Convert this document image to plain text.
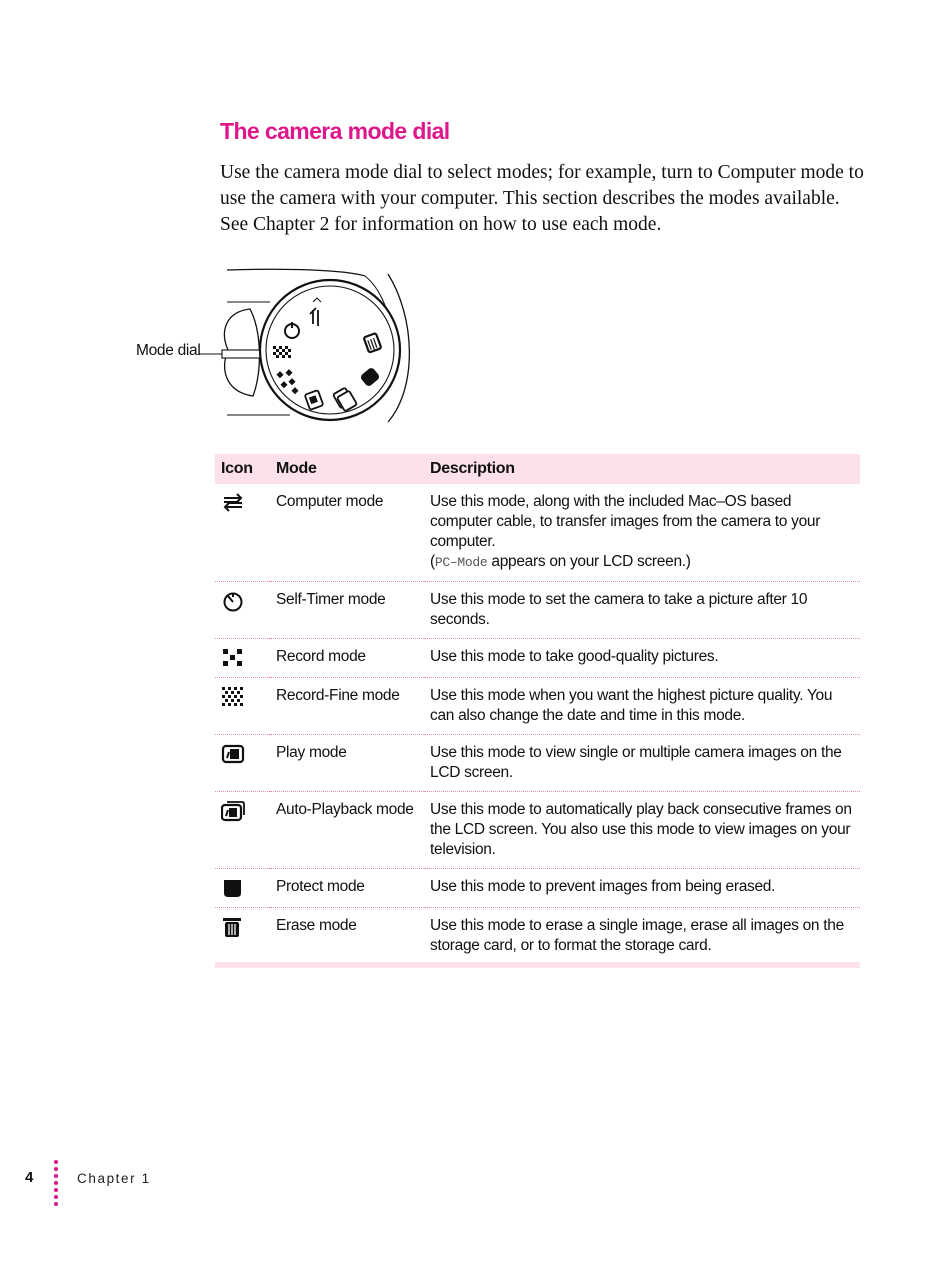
The camera mode dial

Use the camera mode dial to select modes; for example, turn to Computer mode to use the camera with your computer. This section describes the modes available. See Chapter 2 for information on how to use each mode.

Mode dial
Icon	Mode	Description

	Computer mode	Use this mode, along with the included Mac–OS based computer cable, to transfer images from the camera to your computer.
(PC–Mode appears on your LCD screen.)

	Self-Timer mode	Use this mode to set the camera to take a picture after 10 seconds.

	Record mode	Use this mode to take good-quality pictures.

	Record-Fine mode	Use this mode when you want the highest picture quality. You can also change the date and time in this mode.

	Play mode	Use this mode to view single or multiple camera images on the LCD screen.

	Auto-Playback mode	Use this mode to automatically play back consecutive frames on the LCD screen. You also use this mode to view images on your television.

	Protect mode	Use this mode to prevent images from being erased.

	Erase mode	Use this mode to erase a single image, erase all images on the storage card, or to format the storage card.

4	Chapter 1
